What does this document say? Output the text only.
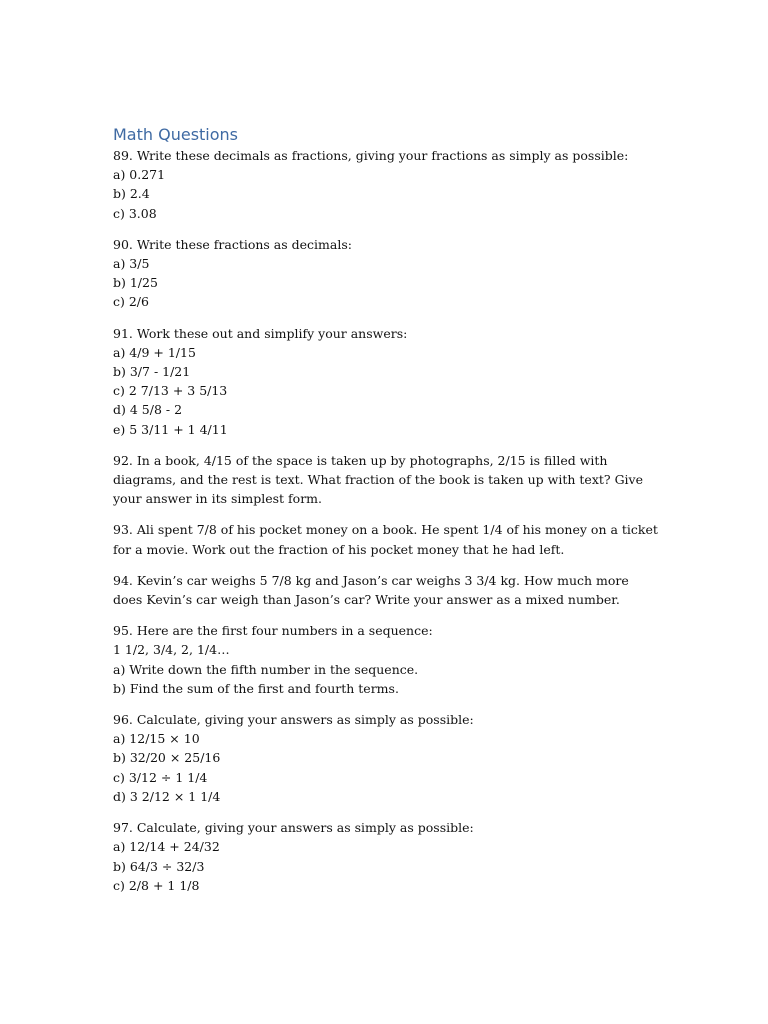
Math Questions
89. Write these decimals as fractions, giving your fractions as simply as possible:
a) 0.271
b) 2.4
c) 3.08
90. Write these fractions as decimals:
a) 3/5
b) 1/25
c) 2/6
91. Work these out and simplify your answers:
a) 4/9 + 1/15
b) 3/7 - 1/21
c) 2 7/13 + 3 5/13
d) 4 5/8 - 2
e) 5 3/11 + 1 4/11
92. In a book, 4/15 of the space is taken up by photographs, 2/15 is filled with diagrams, and the rest is text. What fraction of the book is taken up with text? Give your answer in its simplest form.
93. Ali spent 7/8 of his pocket money on a book. He spent 1/4 of his money on a ticket for a movie. Work out the fraction of his pocket money that he had left.
94. Kevin’s car weighs 5 7/8 kg and Jason’s car weighs 3 3/4 kg. How much more does Kevin’s car weigh than Jason’s car? Write your answer as a mixed number.
95. Here are the first four numbers in a sequence:
1 1/2, 3/4, 2, 1/4…
a) Write down the fifth number in the sequence.
b) Find the sum of the first and fourth terms.
96. Calculate, giving your answers as simply as possible:
a) 12/15 × 10
b) 32/20 × 25/16
c) 3/12 ÷ 1 1/4
d) 3 2/12 × 1 1/4
97. Calculate, giving your answers as simply as possible:
a) 12/14 + 24/32
b) 64/3 ÷ 32/3
c) 2/8 + 1 1/8
